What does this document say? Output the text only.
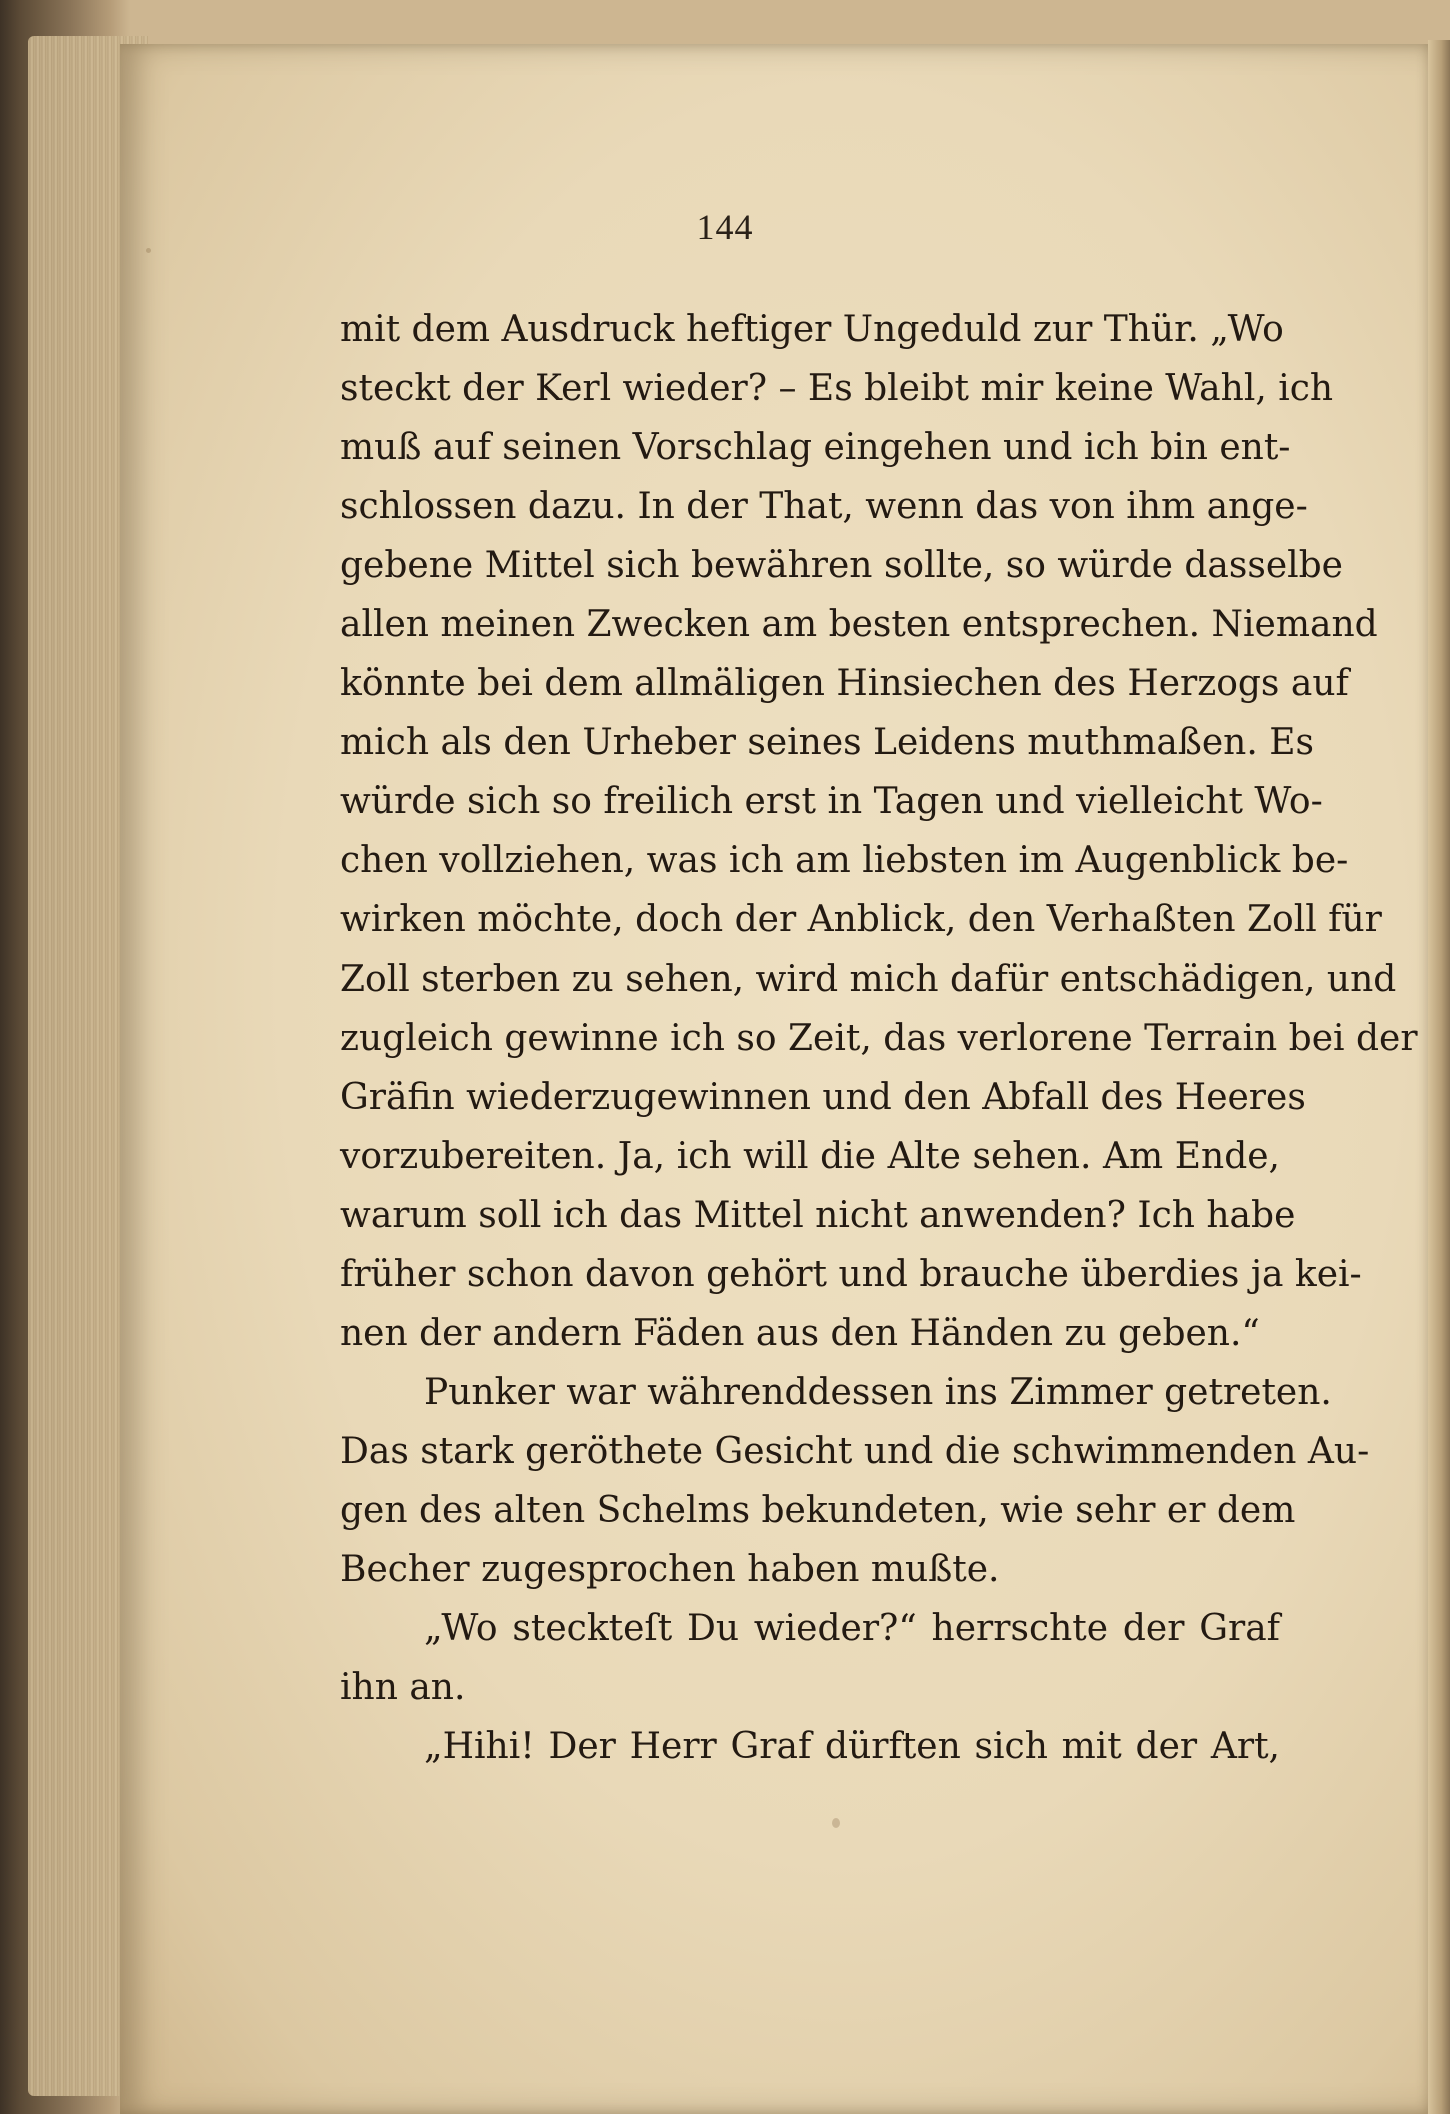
144
mit dem Ausdruck heftiger Ungeduld zur Thür. „Wo
steckt der Kerl wieder? – Es bleibt mir keine Wahl, ich
muß auf seinen Vorschlag eingehen und ich bin ent-
schlossen dazu. In der That, wenn das von ihm ange-
gebene Mittel sich bewähren sollte, so würde dasselbe
allen meinen Zwecken am besten entsprechen. Niemand
könnte bei dem allmäligen Hinsiechen des Herzogs auf
mich als den Urheber seines Leidens muthmaßen. Es
würde sich so freilich erst in Tagen und vielleicht Wo-
chen vollziehen, was ich am liebsten im Augenblick be-
wirken möchte, doch der Anblick, den Verhaßten Zoll für
Zoll sterben zu sehen, wird mich dafür entschädigen, und
zugleich gewinne ich so Zeit, das verlorene Terrain bei der
Gräfin wiederzugewinnen und den Abfall des Heeres
vorzubereiten. Ja, ich will die Alte sehen. Am Ende,
warum soll ich das Mittel nicht anwenden? Ich habe
früher schon davon gehört und brauche überdies ja kei-
nen der andern Fäden aus den Händen zu geben.“
Punker war währenddessen ins Zimmer getreten.
Das stark geröthete Gesicht und die schwimmenden Au-
gen des alten Schelms bekundeten, wie sehr er dem
Becher zugesprochen haben mußte.
„Wo steckteſt Du wieder?“ herrschte der Graf
ihn an.
„Hihi! Der Herr Graf dürften sich mit der Art,
